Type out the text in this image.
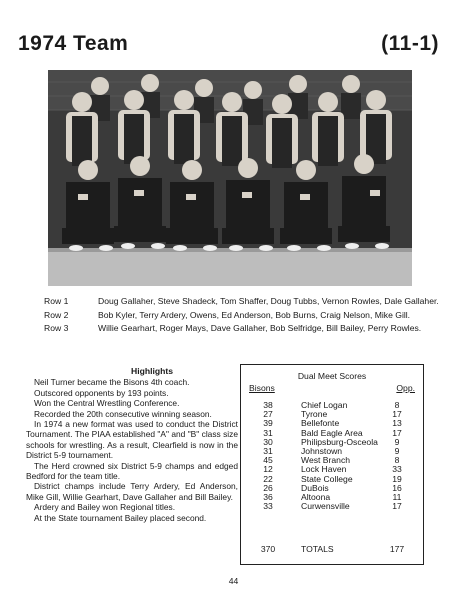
1974 Team	(11-1)
Row 1	Doug Gallaher, Steve Shadeck, Tom Shaffer, Doug Tubbs, Vernon Rowles, Dale Gallaher.
Row 2	Bob Kyler, Terry Ardery, Owens, Ed Anderson, Bob Burns, Craig Nelson, Mike Gill.
Row 3	Willie Gearhart, Roger Mays, Dave Gallaher, Bob Selfridge, Bill Bailey, Perry Rowles.
Highlights

Neil Turner became the Bisons 4th coach.

Outscored opponents by 193 points.

Won the Central Wrestling Conference.

Recorded the 20th consecutive winning season.

In 1974 a new format was used to conduct the District Tournament. The PIAA established "A" and "B" class size schools for wrestling. As a result, Clearfield is now in the District 5-9 tournament.

The Herd crowned six District 5-9 champs and edged Bedford for the team title.

District champs include Terry Ardery, Ed Anderson, Mike Gill, Willie Gearhart, Dave Gallaher and Bill Bailey.

Ardery and Bailey won Regional titles.

At the State tournament Bailey placed second.

Dual Meet Scores
Bisons	Opp.
38	Chief Logan	8
27	Tyrone	17
39	Bellefonte	13
31	Bald Eagle Area	17
30	Philipsburg-Osceola	9
31	Johnstown	9
45	West Branch	8
12	Lock Haven	33
22	State College	19
26	DuBois	16
36	Altoona	11
33	Curwensville	17
370	TOTALS	177
44
